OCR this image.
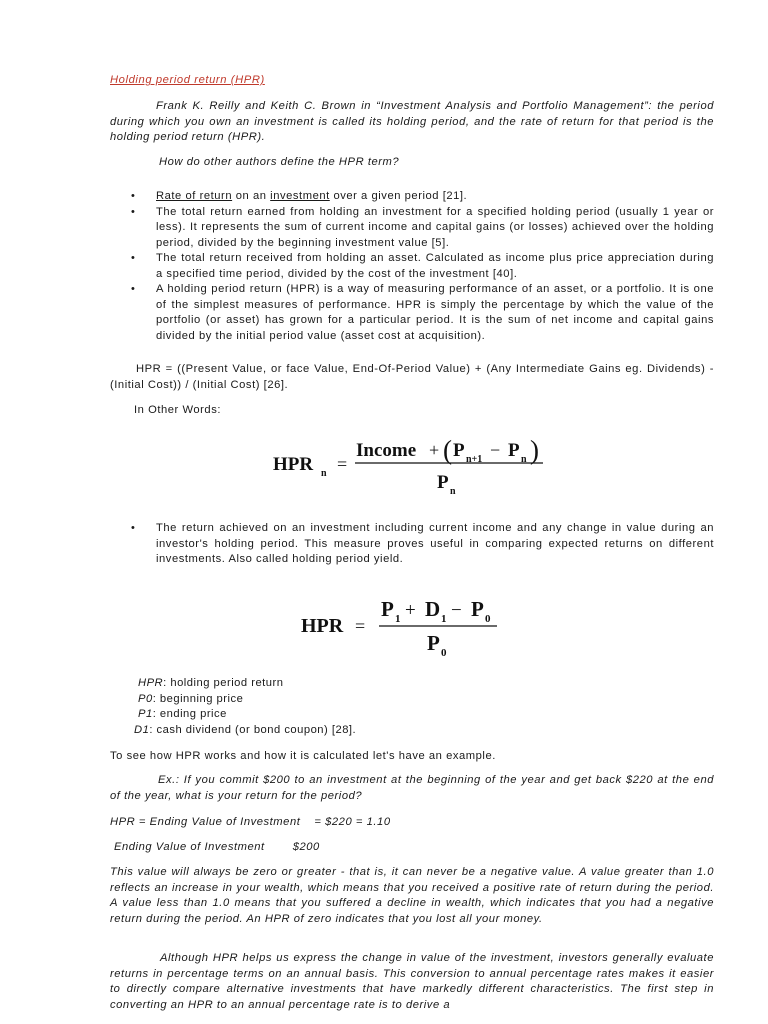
Holding period return (HPR)

Frank K. Reilly and Keith C. Brown in “Investment Analysis and Portfolio Management”: the period during which you own an investment is called its holding period, and the rate of return for that period is the holding period return (HPR).

How do other authors define the HPR term?

• Rate of return on an investment over a given period [21].
• The total return earned from holding an investment for a specified holding period (usually 1 year or less). It represents the sum of current income and capital gains (or losses) achieved over the holding period, divided by the beginning investment value [5].
• The total return received from holding an asset. Calculated as income plus price appreciation during a specified time period, divided by the cost of the investment [40].
• A holding period return (HPR) is a way of measuring performance of an asset, or a portfolio. It is one of the simplest measures of performance. HPR is simply the percentage by which the value of the portfolio (or asset) has grown for a particular period. It is the sum of net income and capital gains divided by the initial period value (asset cost at acquisition).

HPR = ((Present Value, or face Value, End-Of-Period Value) + (Any Intermediate Gains eg. Dividends) - (Initial Cost)) / (Initial Cost) [26].

In Other Words:

HPR n =
Income + ( P n+1 − P n )
P n
• The return achieved on an investment including current income and any change in value during an investor's holding period. This measure proves useful in comparing expected returns on different investments. Also called holding period yield.
HPR =
P 1 + D 1 − P 0
P 0
HPR: holding period return
P0: beginning price
P1: ending price
D1: cash dividend (or bond coupon) [28].

To see how HPR works and how it is calculated let's have an example.

Ex.: If you commit $200 to an investment at the beginning of the year and get back $220 at the end of the year, what is your return for the period?

HPR = Ending Value of Investment = $220 = 1.10
Ending Value of Investment	$200

This value will always be zero or greater - that is, it can never be a negative value. A value greater than 1.0 reflects an increase in your wealth, which means that you received a positive rate of return during the period. A value less than 1.0 means that you suffered a decline in wealth, which indicates that you had a negative return during the period. An HPR of zero indicates that you lost all your money.

Although HPR helps us express the change in value of the investment, investors generally evaluate returns in percentage terms on an annual basis. This conversion to annual percentage rates makes it easier to directly compare alternative investments that have markedly different characteristics. The first step in converting an HPR to an annual percentage rate is to derive a
